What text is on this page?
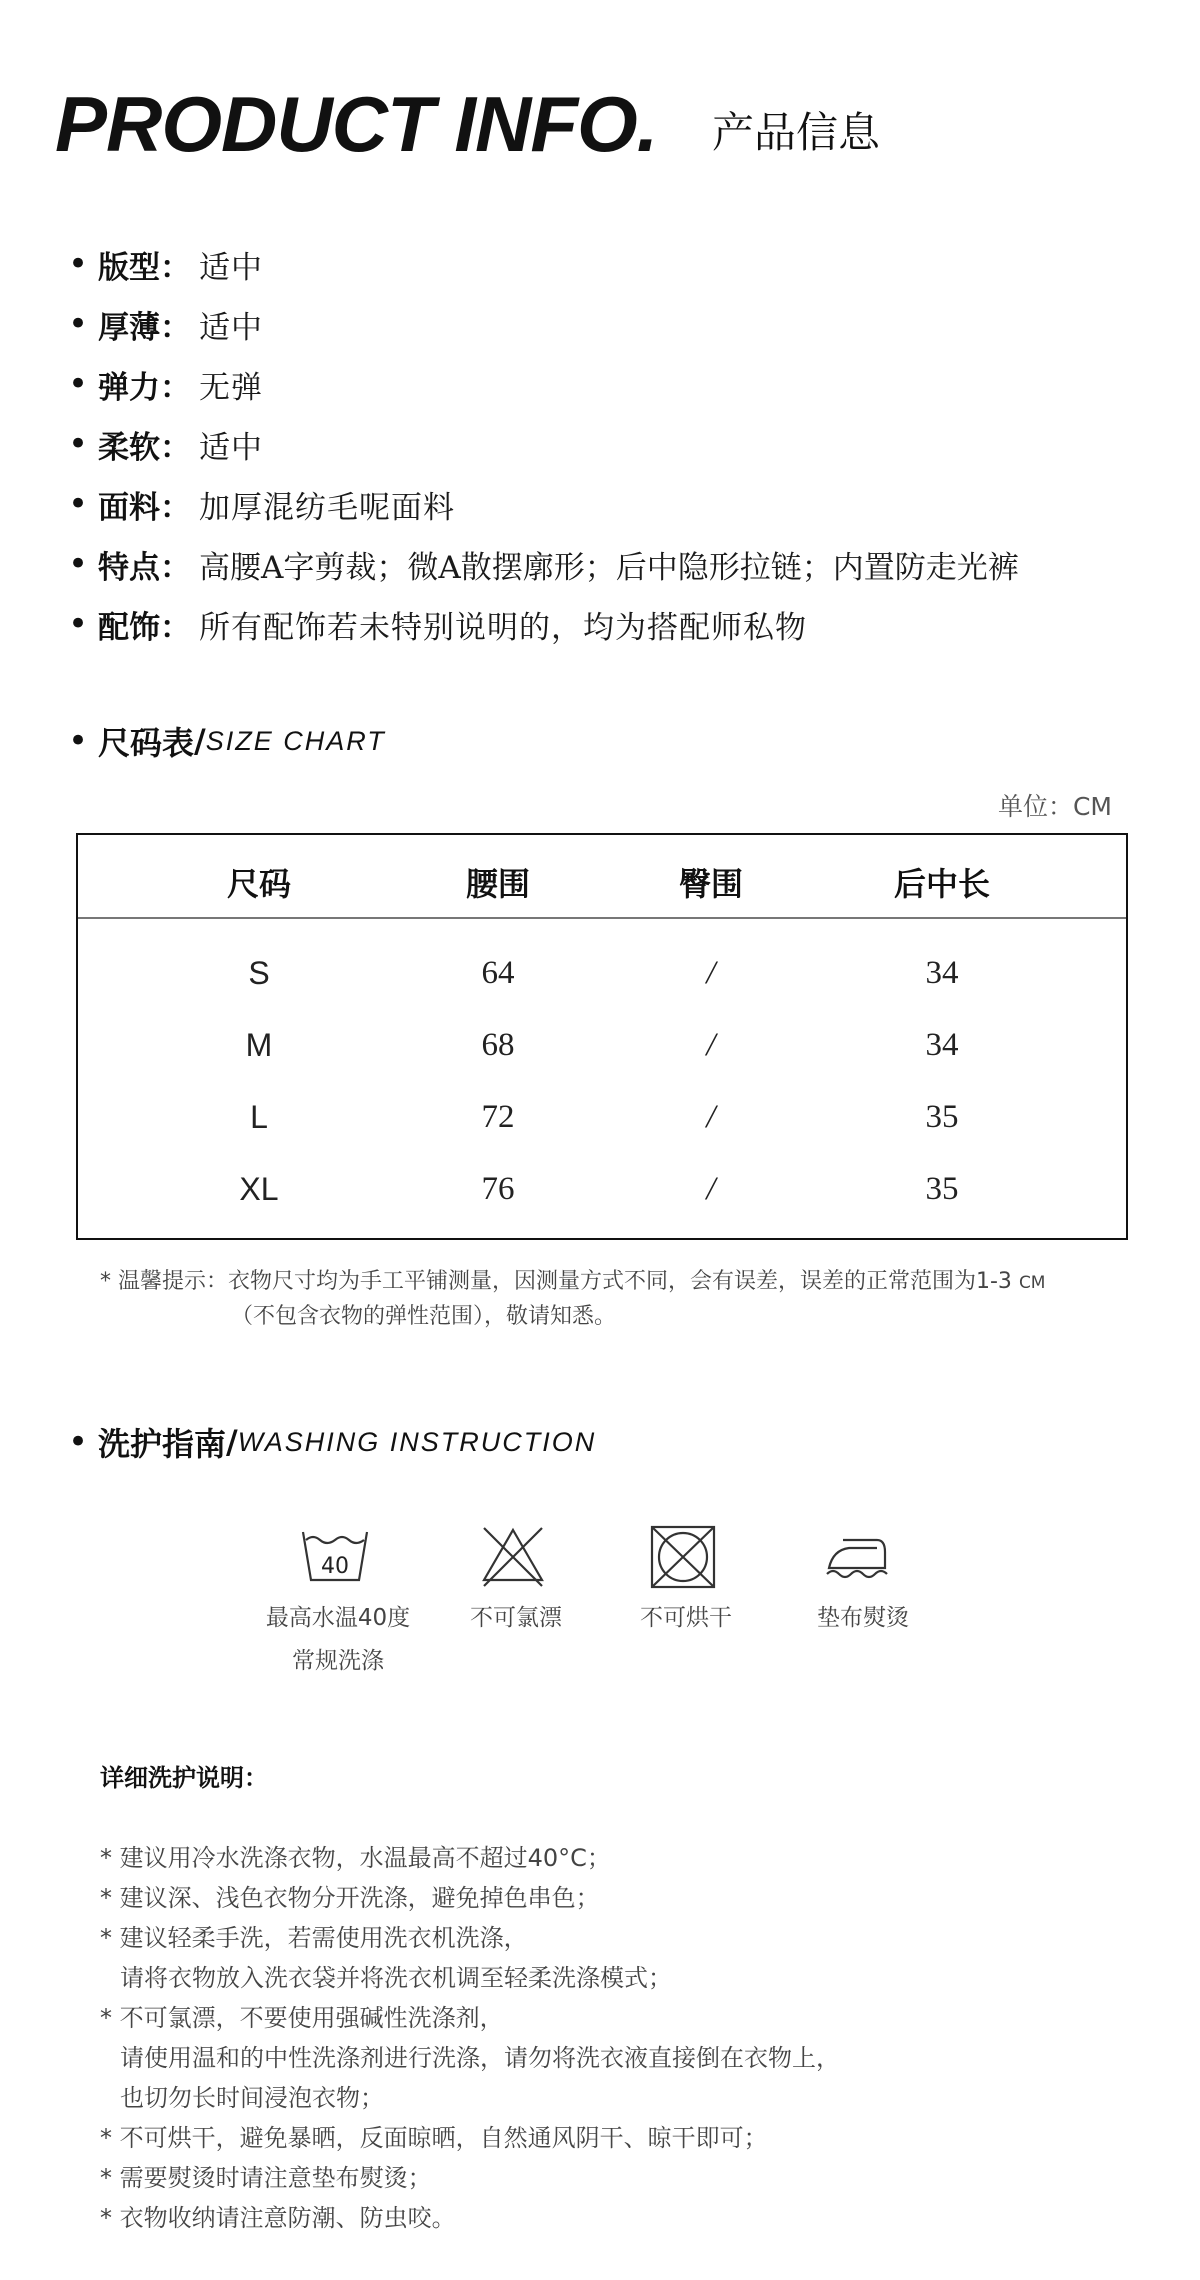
PRODUCT INFO. 产品信息
• 版型 ： 适中
• 厚薄 ： 适中
• 弹力 ： 无弹
• 柔软 ： 适中
• 面料 ： 加厚混纺毛呢面料
• 特点 ： 高腰A字剪裁；微A散摆廓形；后中隐形拉链；内置防走光裤
• 配饰 ： 所有配饰若未特别说明的，均为搭配师私物
• 尺码表 / SIZE CHART
单位：CM
尺码	腰围	臀围	后中长
S	64	/	34
M	68	/	34
L	72	/	35
XL	76	/	35
* 温馨提示：衣物尺寸均为手工平铺测量，因测量方式不同，会有误差，误差的正常范围为1-3 CM
（不包含衣物的弹性范围），敬请知悉。
• 洗护指南 / WASHING INSTRUCTION
40
最高水温40度
常规洗涤
不可氯漂	不可烘干	垫布熨烫
详细洗护说明：
* 建议用冷水洗涤衣物，水温最高不超过40°C；
* 建议深、浅色衣物分开洗涤，避免掉色串色；
* 建议轻柔手洗，若需使用洗衣机洗涤，
请将衣物放入洗衣袋并将洗衣机调至轻柔洗涤模式；
* 不可氯漂，不要使用强碱性洗涤剂，
请使用温和的中性洗涤剂进行洗涤，请勿将洗衣液直接倒在衣物上，
也切勿长时间浸泡衣物；
* 不可烘干，避免暴晒，反面晾晒，自然通风阴干、晾干即可；
* 需要熨烫时请注意垫布熨烫；
* 衣物收纳请注意防潮、防虫咬。
